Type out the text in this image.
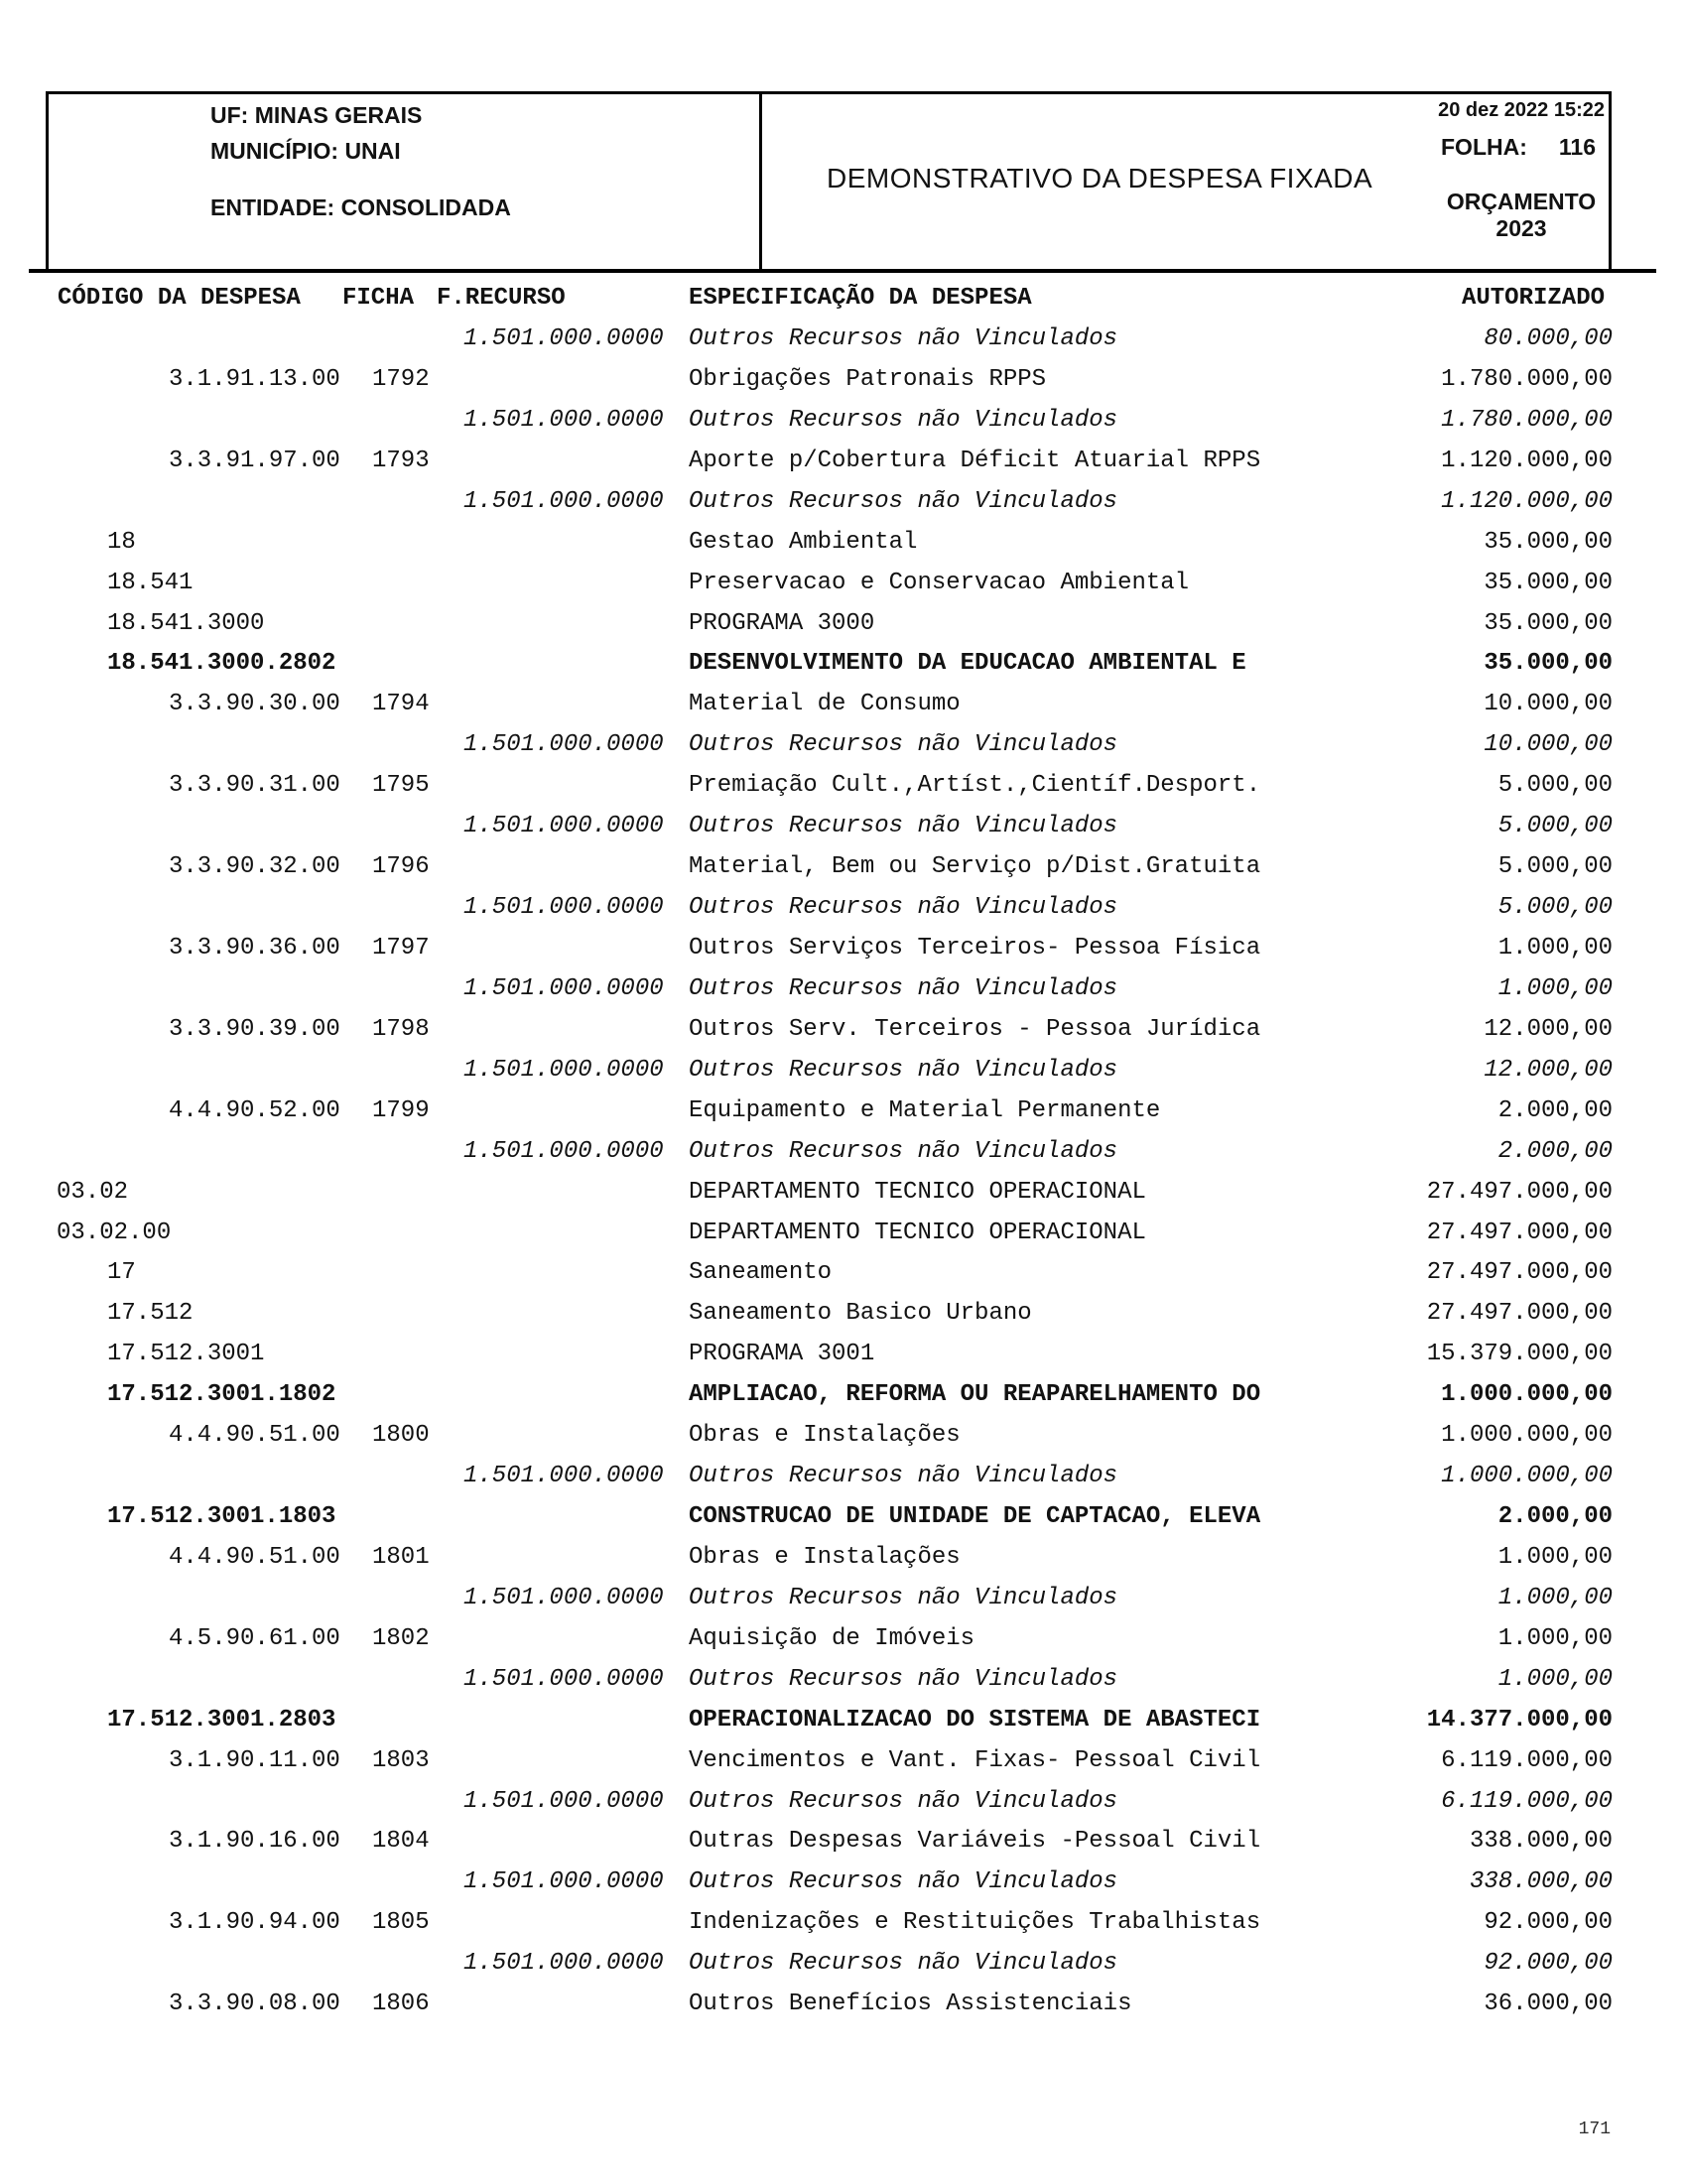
UF: MINAS GERAIS
MUNICÍPIO: UNAI
ENTIDADE: CONSOLIDADA
DEMONSTRATIVO DA DESPESA FIXADA
20 dez 2022 15:22
FOLHA: 116
ORÇAMENTO
2023
CÓDIGO DA DESPESA FICHA F.RECURSO	ESPECIFICAÇÃO DA DESPESA	AUTORIZADO
1.501.000.0000 Outros Recursos não Vinculados	80.000,00
3.1.91.13.00 1792	Obrigações Patronais RPPS	1.780.000,00
1.501.000.0000 Outros Recursos não Vinculados	1.780.000,00
3.3.91.97.00 1793	Aporte p/Cobertura Déficit Atuarial RPPS	1.120.000,00
1.501.000.0000 Outros Recursos não Vinculados	1.120.000,00
18	Gestao Ambiental	35.000,00
18.541	Preservacao e Conservacao Ambiental	35.000,00
18.541.3000	PROGRAMA 3000	35.000,00
18.541.3000.2802	DESENVOLVIMENTO DA EDUCACAO AMBIENTAL E	35.000,00
3.3.90.30.00 1794	Material de Consumo	10.000,00
1.501.000.0000 Outros Recursos não Vinculados	10.000,00
3.3.90.31.00 1795	Premiação Cult.,Artíst.,Científ.Desport.	5.000,00
1.501.000.0000 Outros Recursos não Vinculados	5.000,00
3.3.90.32.00 1796	Material, Bem ou Serviço p/Dist.Gratuita	5.000,00
1.501.000.0000 Outros Recursos não Vinculados	5.000,00
3.3.90.36.00 1797	Outros Serviços Terceiros- Pessoa Física	1.000,00
1.501.000.0000 Outros Recursos não Vinculados	1.000,00
3.3.90.39.00 1798	Outros Serv. Terceiros - Pessoa Jurídica	12.000,00
1.501.000.0000 Outros Recursos não Vinculados	12.000,00
4.4.90.52.00 1799	Equipamento e Material Permanente	2.000,00
1.501.000.0000 Outros Recursos não Vinculados	2.000,00
03.02	DEPARTAMENTO TECNICO OPERACIONAL	27.497.000,00
03.02.00	DEPARTAMENTO TECNICO OPERACIONAL	27.497.000,00
17	Saneamento	27.497.000,00
17.512	Saneamento Basico Urbano	27.497.000,00
17.512.3001	PROGRAMA 3001	15.379.000,00
17.512.3001.1802	AMPLIACAO, REFORMA OU REAPARELHAMENTO DO	1.000.000,00
4.4.90.51.00 1800	Obras e Instalações	1.000.000,00
1.501.000.0000 Outros Recursos não Vinculados	1.000.000,00
17.512.3001.1803	CONSTRUCAO DE UNIDADE DE CAPTACAO, ELEVA	2.000,00
4.4.90.51.00 1801	Obras e Instalações	1.000,00
1.501.000.0000 Outros Recursos não Vinculados	1.000,00
4.5.90.61.00 1802	Aquisição de Imóveis	1.000,00
1.501.000.0000 Outros Recursos não Vinculados	1.000,00
17.512.3001.2803	OPERACIONALIZACAO DO SISTEMA DE ABASTECI	14.377.000,00
3.1.90.11.00 1803	Vencimentos e Vant. Fixas- Pessoal Civil	6.119.000,00
1.501.000.0000 Outros Recursos não Vinculados	6.119.000,00
3.1.90.16.00 1804	Outras Despesas Variáveis -Pessoal Civil	338.000,00
1.501.000.0000 Outros Recursos não Vinculados	338.000,00
3.1.90.94.00 1805	Indenizações e Restituições Trabalhistas	92.000,00
1.501.000.0000 Outros Recursos não Vinculados	92.000,00
3.3.90.08.00 1806	Outros Benefícios Assistenciais	36.000,00
171
